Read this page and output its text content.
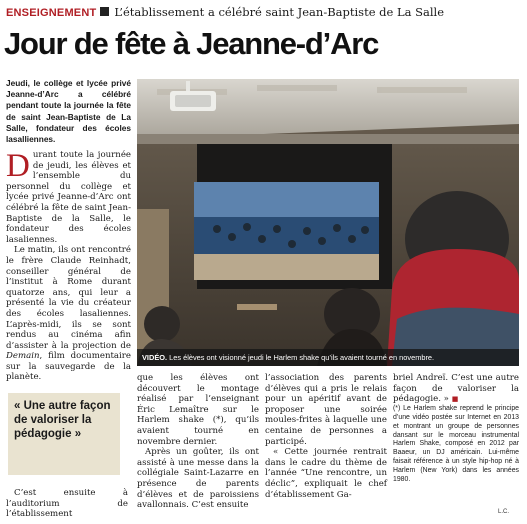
ENSEIGNEMENT L’établissement a célébré saint Jean-Baptiste de La Salle
Jour de fête à Jeanne-d’Arc

Jeudi, le collège et lycée privé Jeanne-d’Arc a célébré pendant toute la journée la fête de saint Jean-Baptiste de La Salle, fondateur des écoles lasalliennes.

Durant toute la journée de jeudi, les élèves et l’ensemble du personnel du collège et lycée privé Jeanne-d’Arc ont célébré la fête de saint Jean-Baptiste de la Salle, le fondateur des écoles lasaliennes.

Le matin, ils ont rencontré le frère Claude Reinhadt, conseiller général de l’institut à Rome durant quatorze ans, qui leur a présenté la vie du créateur des écoles lasaliennes. L’après-midi, ils se sont rendus au cinéma afin d’assister à la projection de Demain, film documentaire sur la sauvegarde de la planète.

« Une autre façon de valoriser la pédagogie »

C’est ensuite à l’auditorium de l’établissement

VIDÉO. Les élèves ont visionné jeudi le Harlem shake qu’ils avaient tourné en novembre.

que les élèves ont découvert le montage réalisé par l’enseignant Éric Lemaître sur le Harlem shake (*), qu’ils avaient tourné en novembre dernier.

Après un goûter, ils ont assisté à une messe dans la collégiale Saint-Lazarre en présence de parents d’élèves et de paroissiens avallonnais. C’est ensuite

l’association des parents d’élèves qui a pris le relais pour un apéritif avant de proposer une soirée moules-frites à laquelle une centaine de personnes a participé.

« Cette journée rentrait dans le cadre du thème de l’année “Une rencontre, un déclic”, expliquait le chef d’établissement Ga-

briel Andreï. C’est une autre façon de valoriser la pédagogie. » ■

(*) Le Harlem shake reprend le principe d’une vidéo postée sur Internet en 2013 et montrant un groupe de personnes dansant sur le morceau instrumental Harlem Shake, composé en 2012 par Baaeur, un DJ américain. Lui-même faisait référence à un style hip-hop né à Harlem (New York) dans les années 1980.

L.C.
